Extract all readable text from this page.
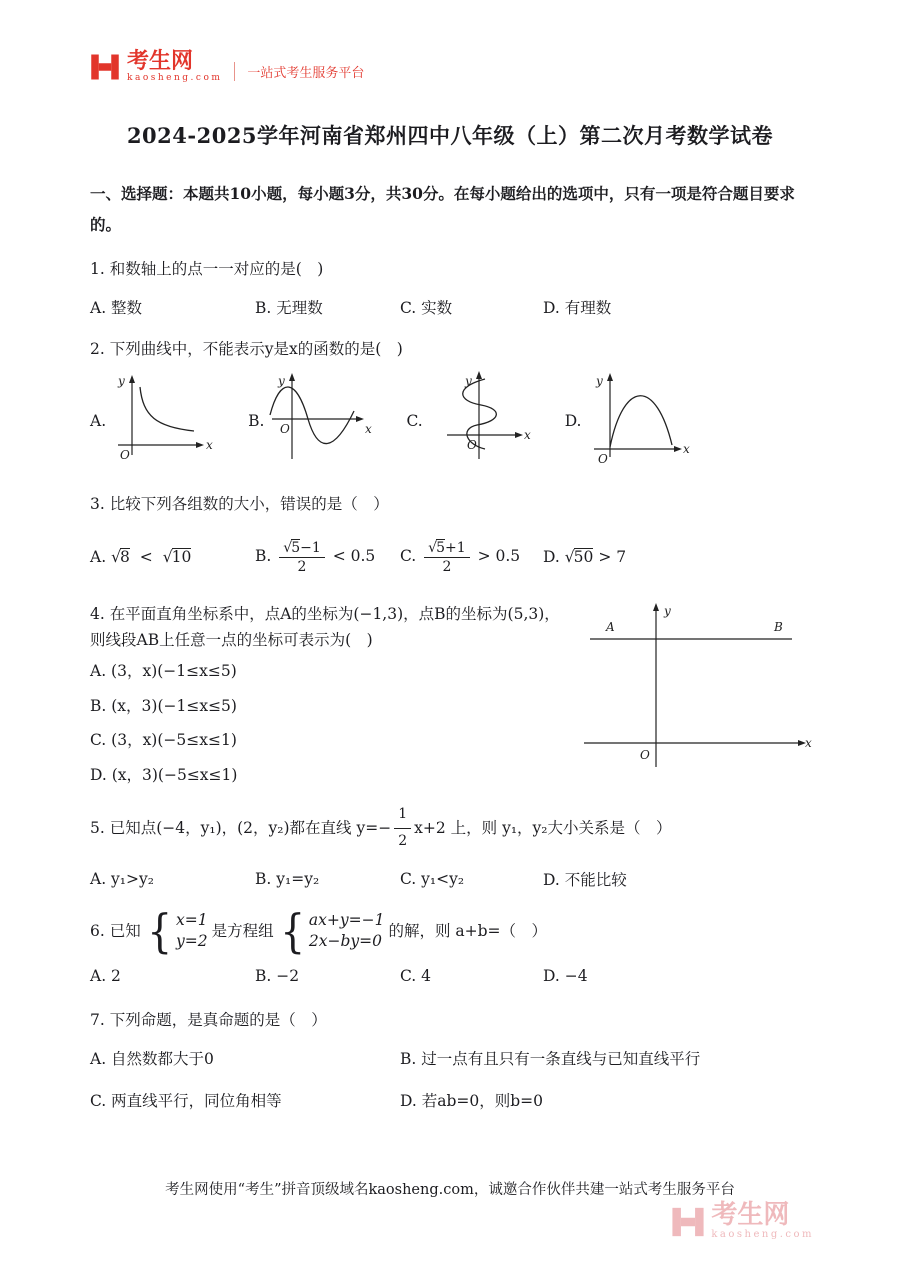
考生网
kaosheng.com	一站式考生服务平台
2024-2025学年河南省郑州四中八年级（上）第二次月考数学试卷
一、选择题：本题共10小题，每小题3分，共30分。在每小题给出的选项中，只有一项是符合题目要求的。
1. 和数轴上的点一一对应的是(　)
A. 整数	B. 无理数	C. 实数	D. 有理数
2. 下列曲线中，不能表示y是x的函数的是(　)
A.
y
x
O
B.
y
x
O	C.
y
x
O
D.
y
x
O
3. 比较下列各组数的大小，错误的是（　）
A. √8 < √10	B. $\frac{√5-1}{2} < 0.5$	C. $\frac{√5+1}{2} > 0.5$	D. √50 > 7
4. 在平面直角坐标系中，点A的坐标为(−1,3)，点B的坐标为(5,3)，
则线段AB上任意一点的坐标可表示为(　)
A. (3，x)(−1≤x≤5)
B. (x，3)(−1≤x≤5)
C. (3，x)(−5≤x≤1)
D. (x，3)(−5≤x≤1)
y
x
A	B
O
5. 已知点(−4，y₁)，(2，y₂)都在直线 $y=- \frac{1}{2} x+2$ 上，则 y₁，y₂大小关系是（　）
A. y₁>y₂	B. y₁=y₂	C. y₁<y₂	D. 不能比较
6. 已知 { x=1
y=2
是方程组 { ax+y=−1
2x−by=0
的解，则 a+b=（　）
A. 2	B. −2	C. 4	D. −4
7. 下列命题，是真命题的是（　）
A. 自然数都大于0	B. 过一点有且只有一条直线与已知直线平行
C. 两直线平行，同位角相等	D. 若ab=0，则b=0
考生网使用“考生”拼音顶级域名kaosheng.com，诚邀合作伙伴共建一站式考生服务平台
考生网
kaosheng.com
